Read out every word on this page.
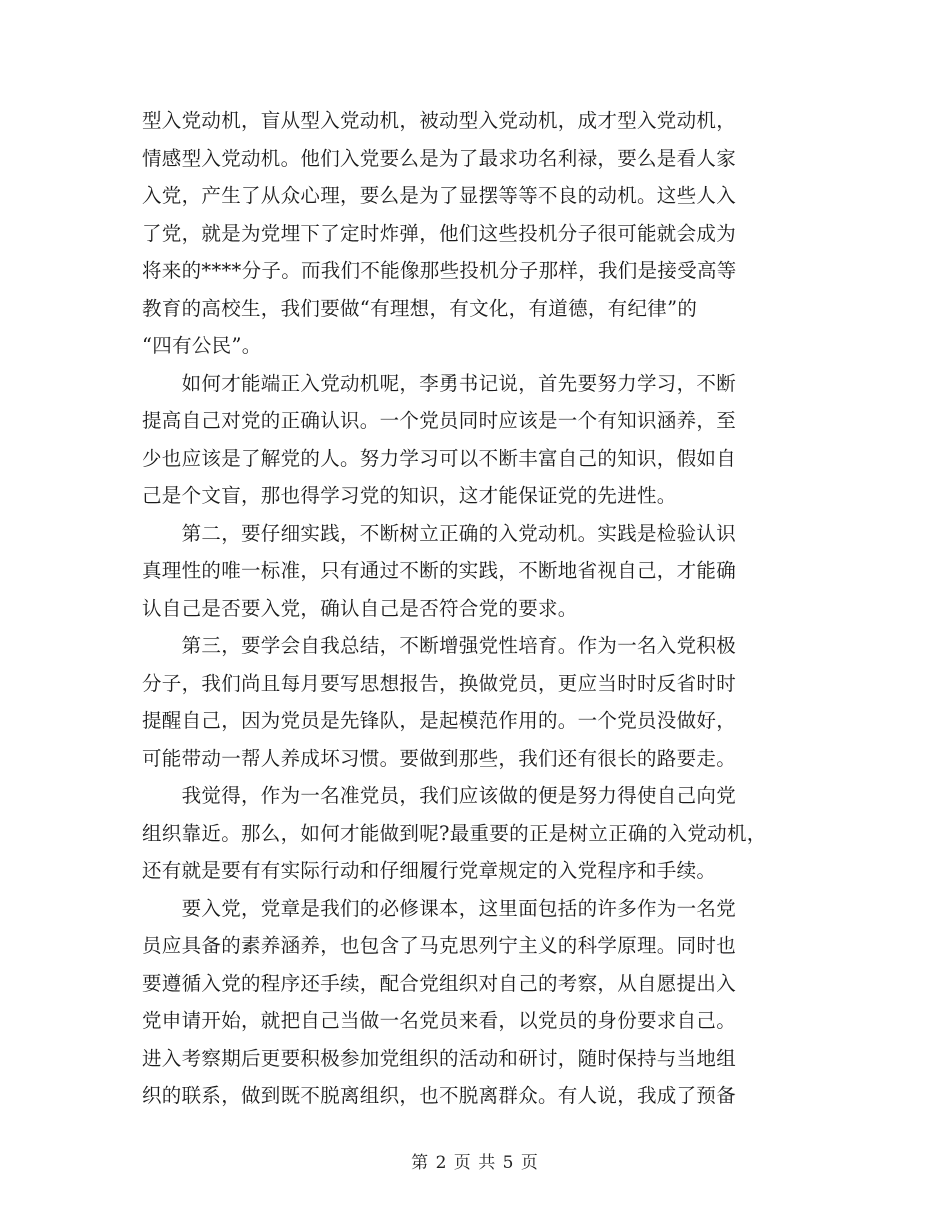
型入党动机，盲从型入党动机，被动型入党动机，成才型入党动机，
情感型入党动机。他们入党要么是为了最求功名利禄，要么是看人家
入党，产生了从众心理，要么是为了显摆等等不良的动机。这些人入
了党，就是为党埋下了定时炸弹，他们这些投机分子很可能就会成为
将来的****分子。而我们不能像那些投机分子那样，我们是接受高等
教育的高校生，我们要做“有理想，有文化，有道德，有纪律”的
“四有公民”。
　　如何才能端正入党动机呢，李勇书记说，首先要努力学习，不断
提高自己对党的正确认识。一个党员同时应该是一个有知识涵养，至
少也应该是了解党的人。努力学习可以不断丰富自己的知识，假如自
己是个文盲，那也得学习党的知识，这才能保证党的先进性。
　　第二，要仔细实践，不断树立正确的入党动机。实践是检验认识
真理性的唯一标准，只有通过不断的实践，不断地省视自己，才能确
认自己是否要入党，确认自己是否符合党的要求。
　　第三，要学会自我总结，不断增强党性培育。作为一名入党积极
分子，我们尚且每月要写思想报告，换做党员，更应当时时反省时时
提醒自己，因为党员是先锋队，是起模范作用的。一个党员没做好，
可能带动一帮人养成坏习惯。要做到那些，我们还有很长的路要走。
　　我觉得，作为一名准党员，我们应该做的便是努力得使自己向党
组织靠近。那么，如何才能做到呢?最重要的正是树立正确的入党动机，
还有就是要有有实际行动和仔细履行党章规定的入党程序和手续。
　　要入党，党章是我们的必修课本，这里面包括的许多作为一名党
员应具备的素养涵养，也包含了马克思列宁主义的科学原理。同时也
要遵循入党的程序还手续，配合党组织对自己的考察，从自愿提出入
党申请开始，就把自己当做一名党员来看，以党员的身份要求自己。
进入考察期后更要积极参加党组织的活动和研讨，随时保持与当地组
织的联系，做到既不脱离组织，也不脱离群众。有人说，我成了预备
第 2 页 共 5 页
